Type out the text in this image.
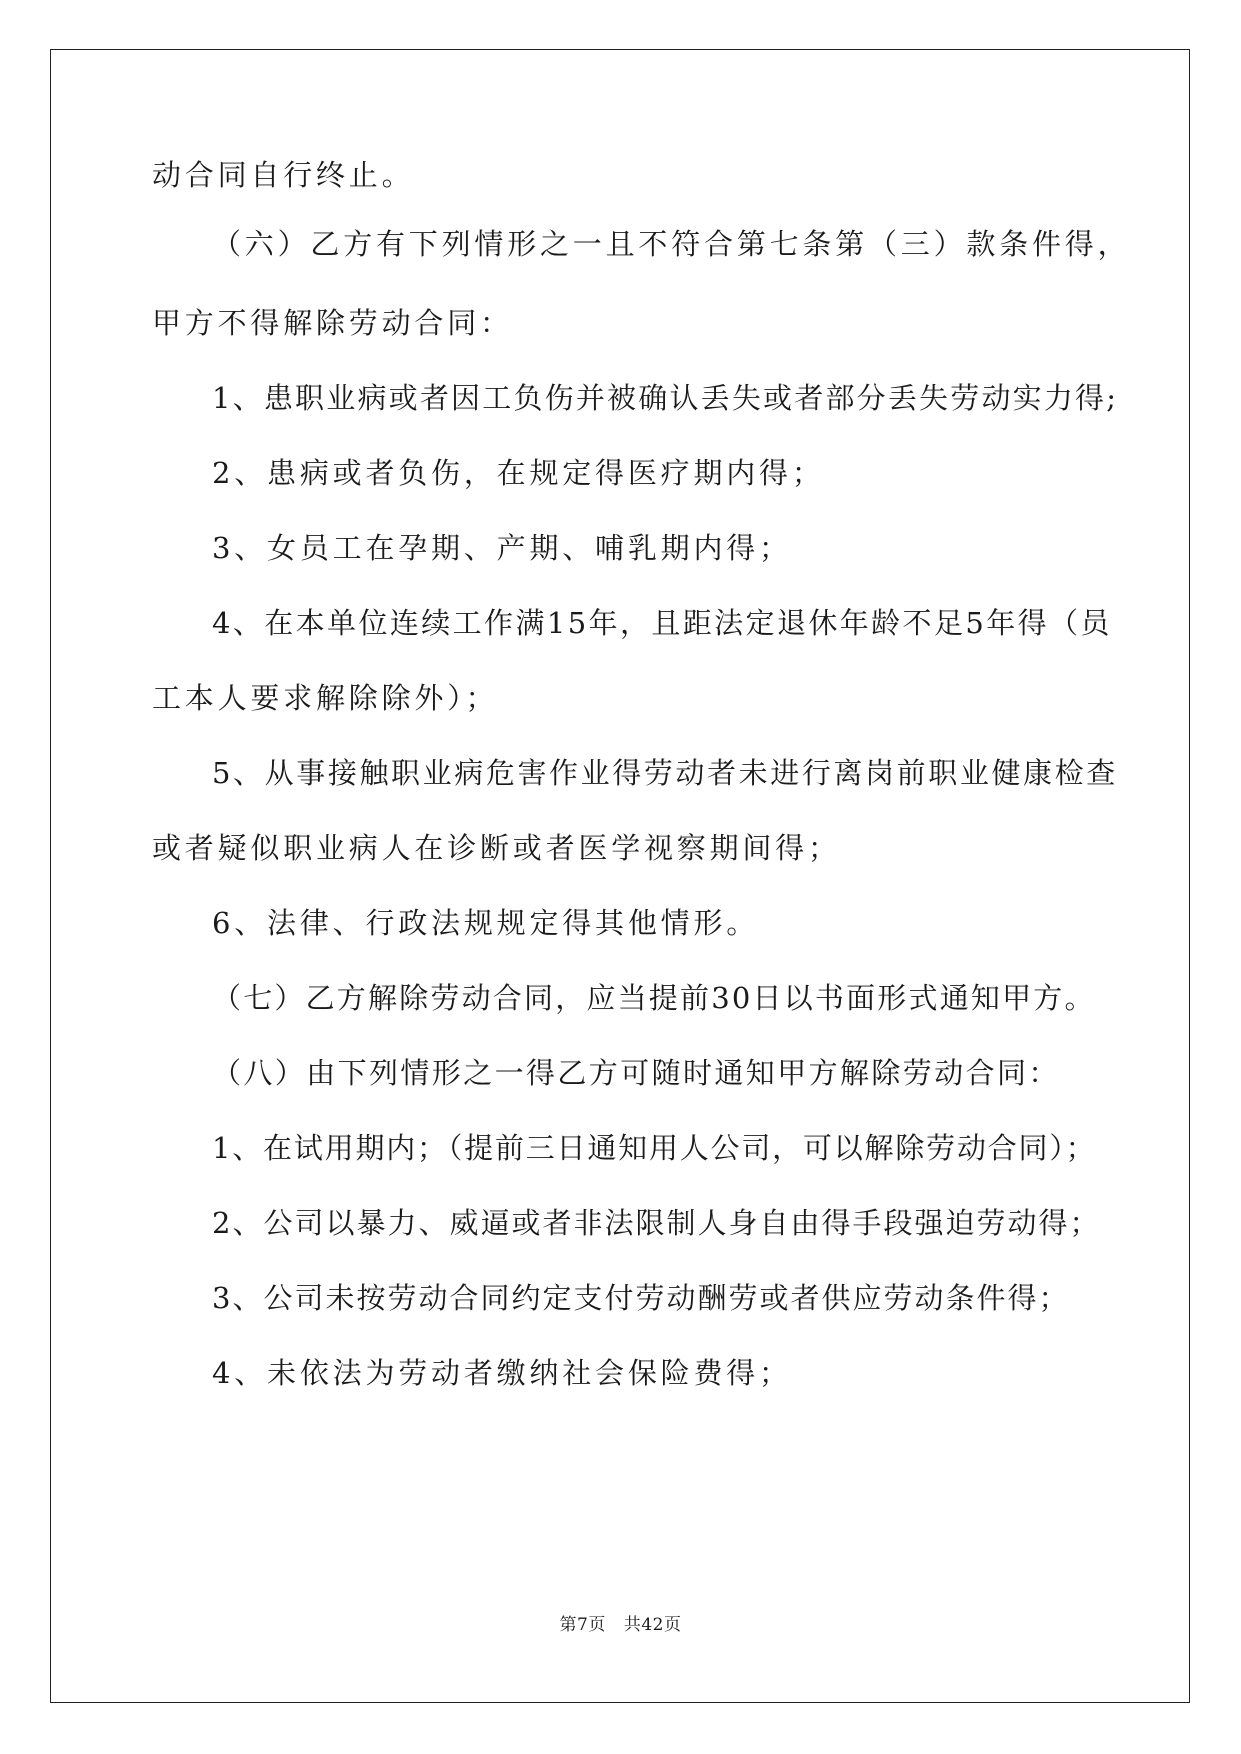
动合同自行终止。
（六）乙方有下列情形之一且不符合第七条第（三）款条件得，
甲方不得解除劳动合同：
1、患职业病或者因工负伤并被确认丢失或者部分丢失劳动实力得;
2、患病或者负伤，在规定得医疗期内得；
3、女员工在孕期、产期、哺乳期内得；
4、在本单位连续工作满15年，且距法定退休年龄不足5年得（员
工本人要求解除除外）；
5、从事接触职业病危害作业得劳动者未进行离岗前职业健康检查
或者疑似职业病人在诊断或者医学视察期间得；
6、法律、行政法规规定得其他情形。
（七）乙方解除劳动合同，应当提前30日以书面形式通知甲方。
（八）由下列情形之一得乙方可随时通知甲方解除劳动合同：
1、在试用期内；（提前三日通知用人公司，可以解除劳动合同）；
2、公司以暴力、威逼或者非法限制人身自由得手段强迫劳动得；
3、公司未按劳动合同约定支付劳动酬劳或者供应劳动条件得；
4、未依法为劳动者缴纳社会保险费得；
第7页 共42页
